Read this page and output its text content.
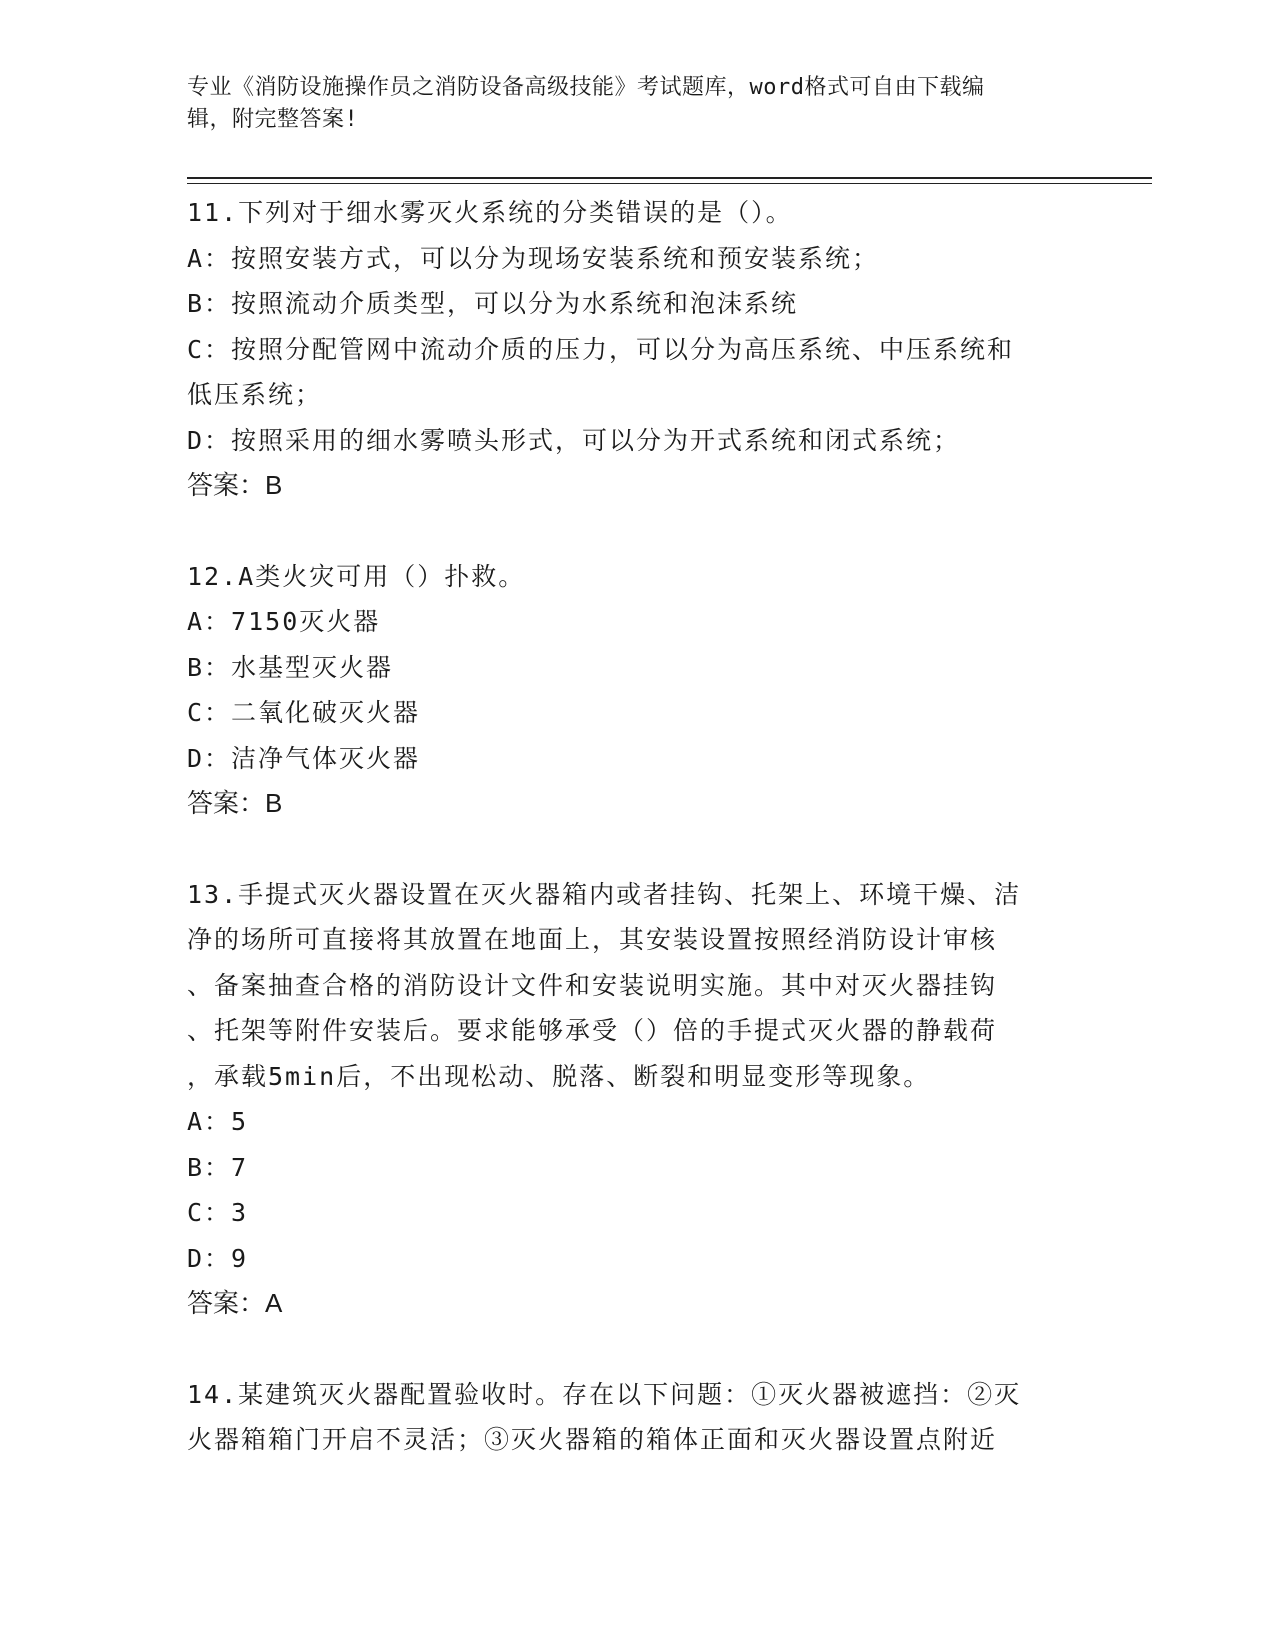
专业《消防设施操作员之消防设备高级技能》考试题库，word格式可自由下载编
辑，附完整答案!
11.下列对于细水雾灭火系统的分类错误的是（）。
A：按照安装方式，可以分为现场安装系统和预安装系统；
B：按照流动介质类型，可以分为水系统和泡沫系统
C：按照分配管网中流动介质的压力，可以分为高压系统、中压系统和
低压系统；
D：按照采用的细水雾喷头形式，可以分为开式系统和闭式系统；
答案：B
12.A类火灾可用（）扑救。
A：7150灭火器
B：水基型灭火器
C：二氧化破灭火器
D：洁净气体灭火器
答案：B
13.手提式灭火器设置在灭火器箱内或者挂钩、托架上、环境干燥、洁
净的场所可直接将其放置在地面上，其安装设置按照经消防设计审核
、备案抽查合格的消防设计文件和安装说明实施。其中对灭火器挂钩
、托架等附件安装后。要求能够承受（）倍的手提式灭火器的静载荷
，承载5min后，不出现松动、脱落、断裂和明显变形等现象。
A：5
B：7
C：3
D：9
答案：A
14.某建筑灭火器配置验收时。存在以下问题：①灭火器被遮挡：②灭
火器箱箱门开启不灵活；③灭火器箱的箱体正面和灭火器设置点附近
